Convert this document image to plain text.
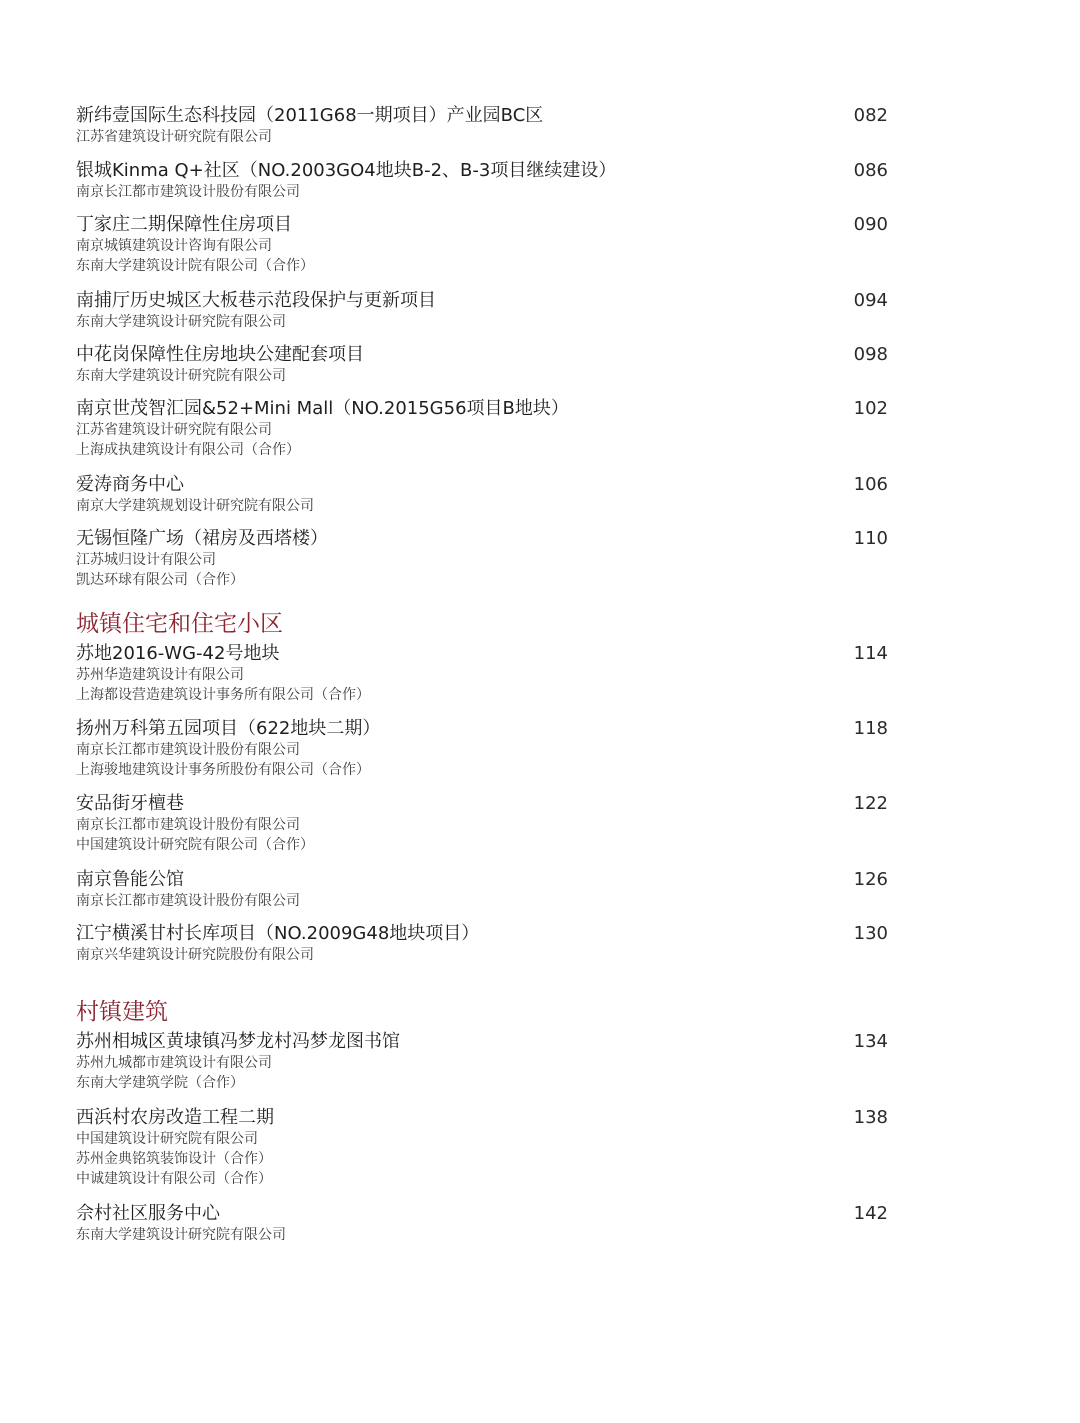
新纬壹国际生态科技园（2011G68一期项目）产业园BC区	082
江苏省建筑设计研究院有限公司
银城Kinma Q+社区（NO.2003GO4地块B-2、B-3项目继续建设）	086
南京长江都市建筑设计股份有限公司
丁家庄二期保障性住房项目	090
南京城镇建筑设计咨询有限公司
东南大学建筑设计院有限公司（合作）
南捕厅历史城区大板巷示范段保护与更新项目	094
东南大学建筑设计研究院有限公司
中花岗保障性住房地块公建配套项目	098
东南大学建筑设计研究院有限公司
南京世茂智汇园&52+Mini Mall（NO.2015G56项目B地块）	102
江苏省建筑设计研究院有限公司
上海成执建筑设计有限公司（合作）
爱涛商务中心	106
南京大学建筑规划设计研究院有限公司
无锡恒隆广场（裙房及西塔楼）	110
江苏城归设计有限公司
凯达环球有限公司（合作）
城镇住宅和住宅小区
苏地2016-WG-42号地块	114
苏州华造建筑设计有限公司
上海都设营造建筑设计事务所有限公司（合作）
扬州万科第五园项目（622地块二期）	118
南京长江都市建筑设计股份有限公司
上海骏地建筑设计事务所股份有限公司（合作）
安品街牙檀巷	122
南京长江都市建筑设计股份有限公司
中国建筑设计研究院有限公司（合作）
南京鲁能公馆	126
南京长江都市建筑设计股份有限公司
江宁横溪甘村长库项目（NO.2009G48地块项目）	130
南京兴华建筑设计研究院股份有限公司
村镇建筑
苏州相城区黄埭镇冯梦龙村冯梦龙图书馆	134
苏州九城都市建筑设计有限公司
东南大学建筑学院（合作）
西浜村农房改造工程二期	138
中国建筑设计研究院有限公司
苏州金典铭筑装饰设计（合作）
中诚建筑设计有限公司（合作）
佘村社区服务中心	142
东南大学建筑设计研究院有限公司
